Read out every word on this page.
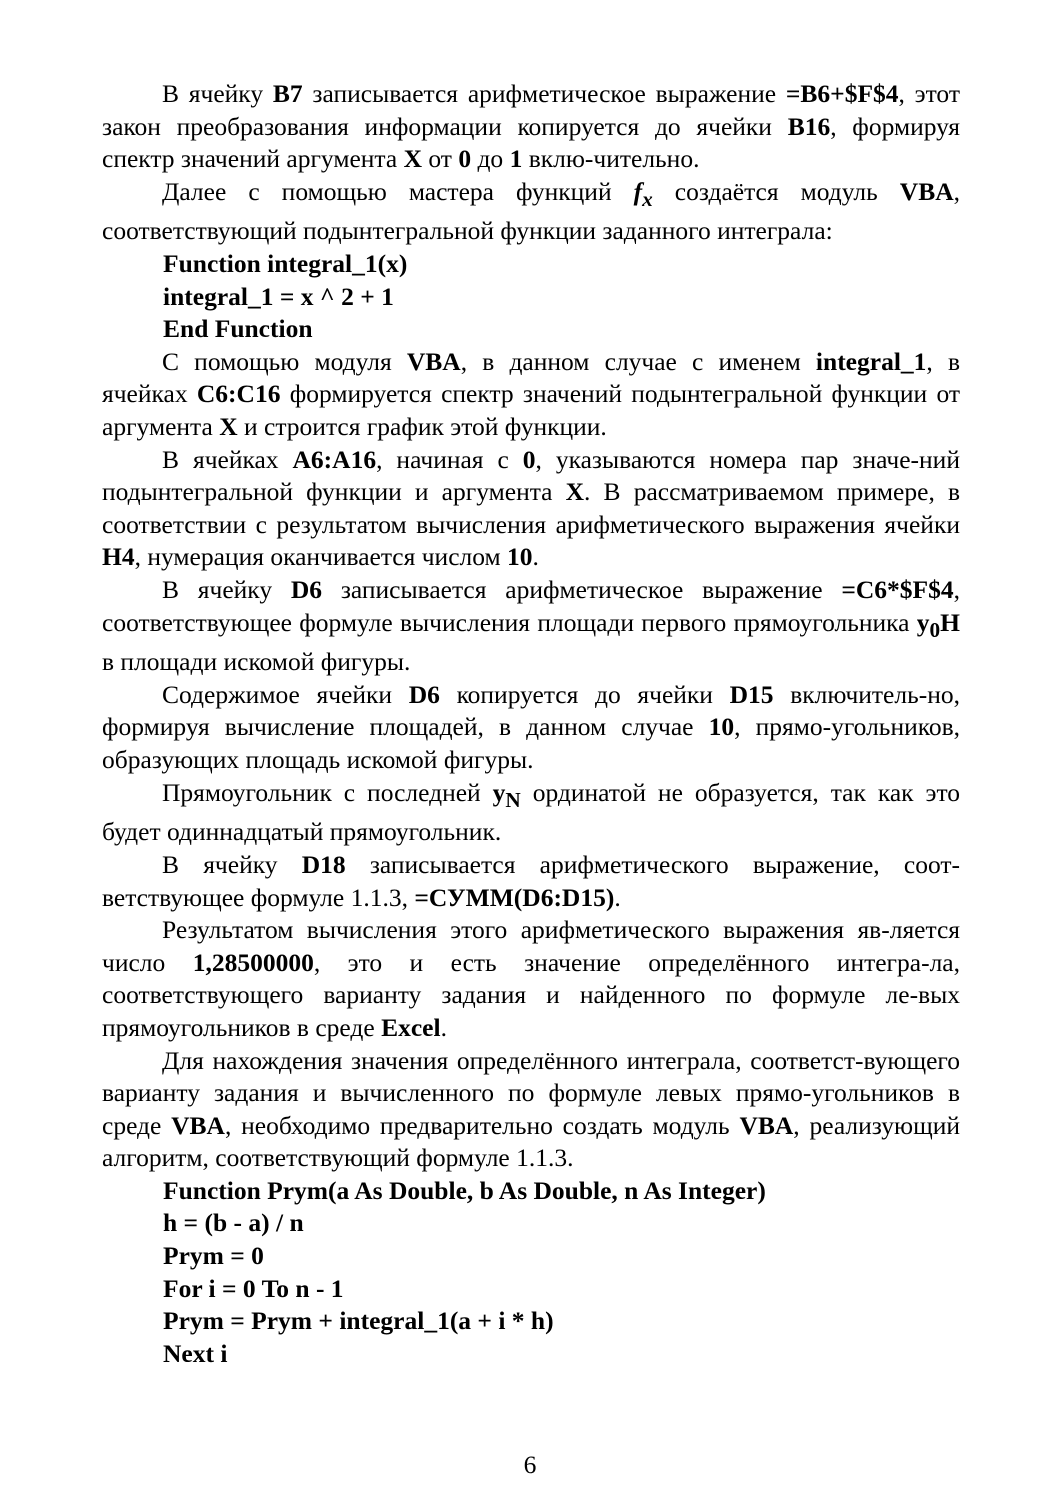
В ячейку B7 записывается арифметическое выражение =B6+$F$4, этот закон преобразования информации копируется до ячейки B16, формируя спектр значений аргумента X от 0 до 1 вклю-чительно.

Далее с помощью мастера функций $f_x$ создаётся модуль VBA, соответствующий подынтегральной функции заданного интеграла:

Function integral_1(x)
integral_1 = x ^ 2 + 1
End Function

С помощью модуля VBA, в данном случае с именем integral_1, в ячейках C6:C16 формируется спектр значений подынтегральной функции от аргумента X и строится график этой функции.

В ячейках A6:A16, начиная с 0, указываются номера пар значе-ний подынтегральной функции и аргумента X. В рассматриваемом примере, в соответствии с результатом вычисления арифметического выражения ячейки H4, нумерация оканчивается числом 10.

В ячейку D6 записывается арифметическое выражение =C6*$F$4, соответствующее формуле вычисления площади первого прямоугольника $y_0H$ в площади искомой фигуры.

Содержимое ячейки D6 копируется до ячейки D15 включитель-но, формируя вычисление площадей, в данном случае 10, прямо-угольников, образующих площадь искомой фигуры.

Прямоугольник с последней $y_N$ ординатой не образуется, так как это будет одиннадцатый прямоугольник.

В ячейку D18 записывается арифметического выражение, соот-ветствующее формуле 1.1.3, =СУММ(D6:D15).

Результатом вычисления этого арифметического выражения яв-ляется число 1,28500000, это и есть значение определённого интегра-ла, соответствующего варианту задания и найденного по формуле ле-вых прямоугольников в среде Excel.

Для нахождения значения определённого интеграла, соответст-вующего варианту задания и вычисленного по формуле левых прямо-угольников в среде VBA, необходимо предварительно создать модуль VBA, реализующий алгоритм, соответствующий формуле 1.1.3.

Function Prym(a As Double, b As Double, n As Integer)
h = (b - a) / n
Prym = 0
For i = 0 To n - 1
Prym = Prym + integral_1(a + i * h)
Next i
6
